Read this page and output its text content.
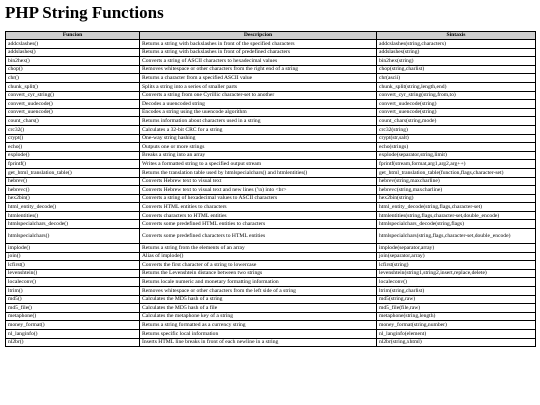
PHP String Functions
Funcion	Descripcion	Sintaxis
addcslashes()	Returns a string with backslashes in front of the specified characters	addcslashes(string,characters)
addslashes()	Returns a string with backslashes in front of predefined characters	addslashes(string)
bin2hex()	Converts a string of ASCII characters to hexadecimal values	bin2hex(string)
chop()	Removes whitespace or other characters from the right end of a string	chop(string,charlist)
chr()	Returns a character from a specified ASCII value	chr(ascii)
chunk_split()	Splits a string into a series of smaller parts	chunk_split(string,length,end)
convert_cyr_string()	Converts a string from one Cyrillic character-set to another	convert_cyr_string(string,from,to)
convert_uudecode()	Decodes a uuencoded string	convert_uudecode(string)
convert_uuencode()	Encodes a string using the uuencode algorithm	convert_uuencode(string)
count_chars()	Returns information about characters used in a string	count_chars(string,mode)
crc32()	Calculates a 32-bit CRC for a string	crc32(string)
crypt()	One-way string hashing	crypt(str,salt)
echo()	Outputs one or more strings	echo(strings)
explode()	Breaks a string into an array	explode(separator,string,limit)
fprintf()	Writes a formatted string to a specified output stream	fprintf(stream,format,arg1,arg2,arg++)
get_html_translation_table()	Returns the translation table used by htmlspecialchars() and htmlentities()	get_html_translation_table(function,flags,character-set)
hebrev()	Converts Hebrew text to visual text	hebrev(string,maxcharline)
hebrevc()	Converts Hebrew text to visual text and new lines ('\n) into <br>	hebrevc(string,maxcharline)
hex2bin()	Converts a string of hexadecimal values to ASCII characters	hex2bin(string)
html_entity_decode()	Converts HTML entities to characters	html_entity_decode(string,flags,character-set)
htmlentities()	Converts characters to HTML entities	htmlentities(string,flags,character-set,double_encode)
htmlspecialchars_decode()	Converts some predefined HTML entities to characters	htmlspecialchars_decode(string,flags)
htmlspecialchars()	Converts some predefined characters to HTML entities	htmlspecialchars(string,flags,character-set,double_encode)
implode()	Returns a string from the elements of an array	implode(separator,array)
join()	Alias of implode()	join(separator,array)
lcfirst()	Converts the first character of a string to lowercase	lcfirst(string)
levenshtein()	Returns the Levenshtein distance between two strings	levenshtein(string1,string2,insert,replace,delete)
localeconv()	Returns locale numeric and monetary formatting information	localeconv()
ltrim()	Removes whitespace or other characters from the left side of a string	ltrim(string,charlist)
md5()	Calculates the MD5 hash of a string	md5(string,raw)
md5_file()	Calculates the MD5 hash of a file	md5_file(file,raw)
metaphone()	Calculates the metaphone key of a string	metaphone(string,length)
money_format()	Returns a string formatted as a currency string	money_format(string,number)
nl_langinfo()	Returns specific local information	nl_langinfo(element)
nl2br()	Inserts HTML line breaks in front of each newline in a string	nl2br(string,xhtml)
